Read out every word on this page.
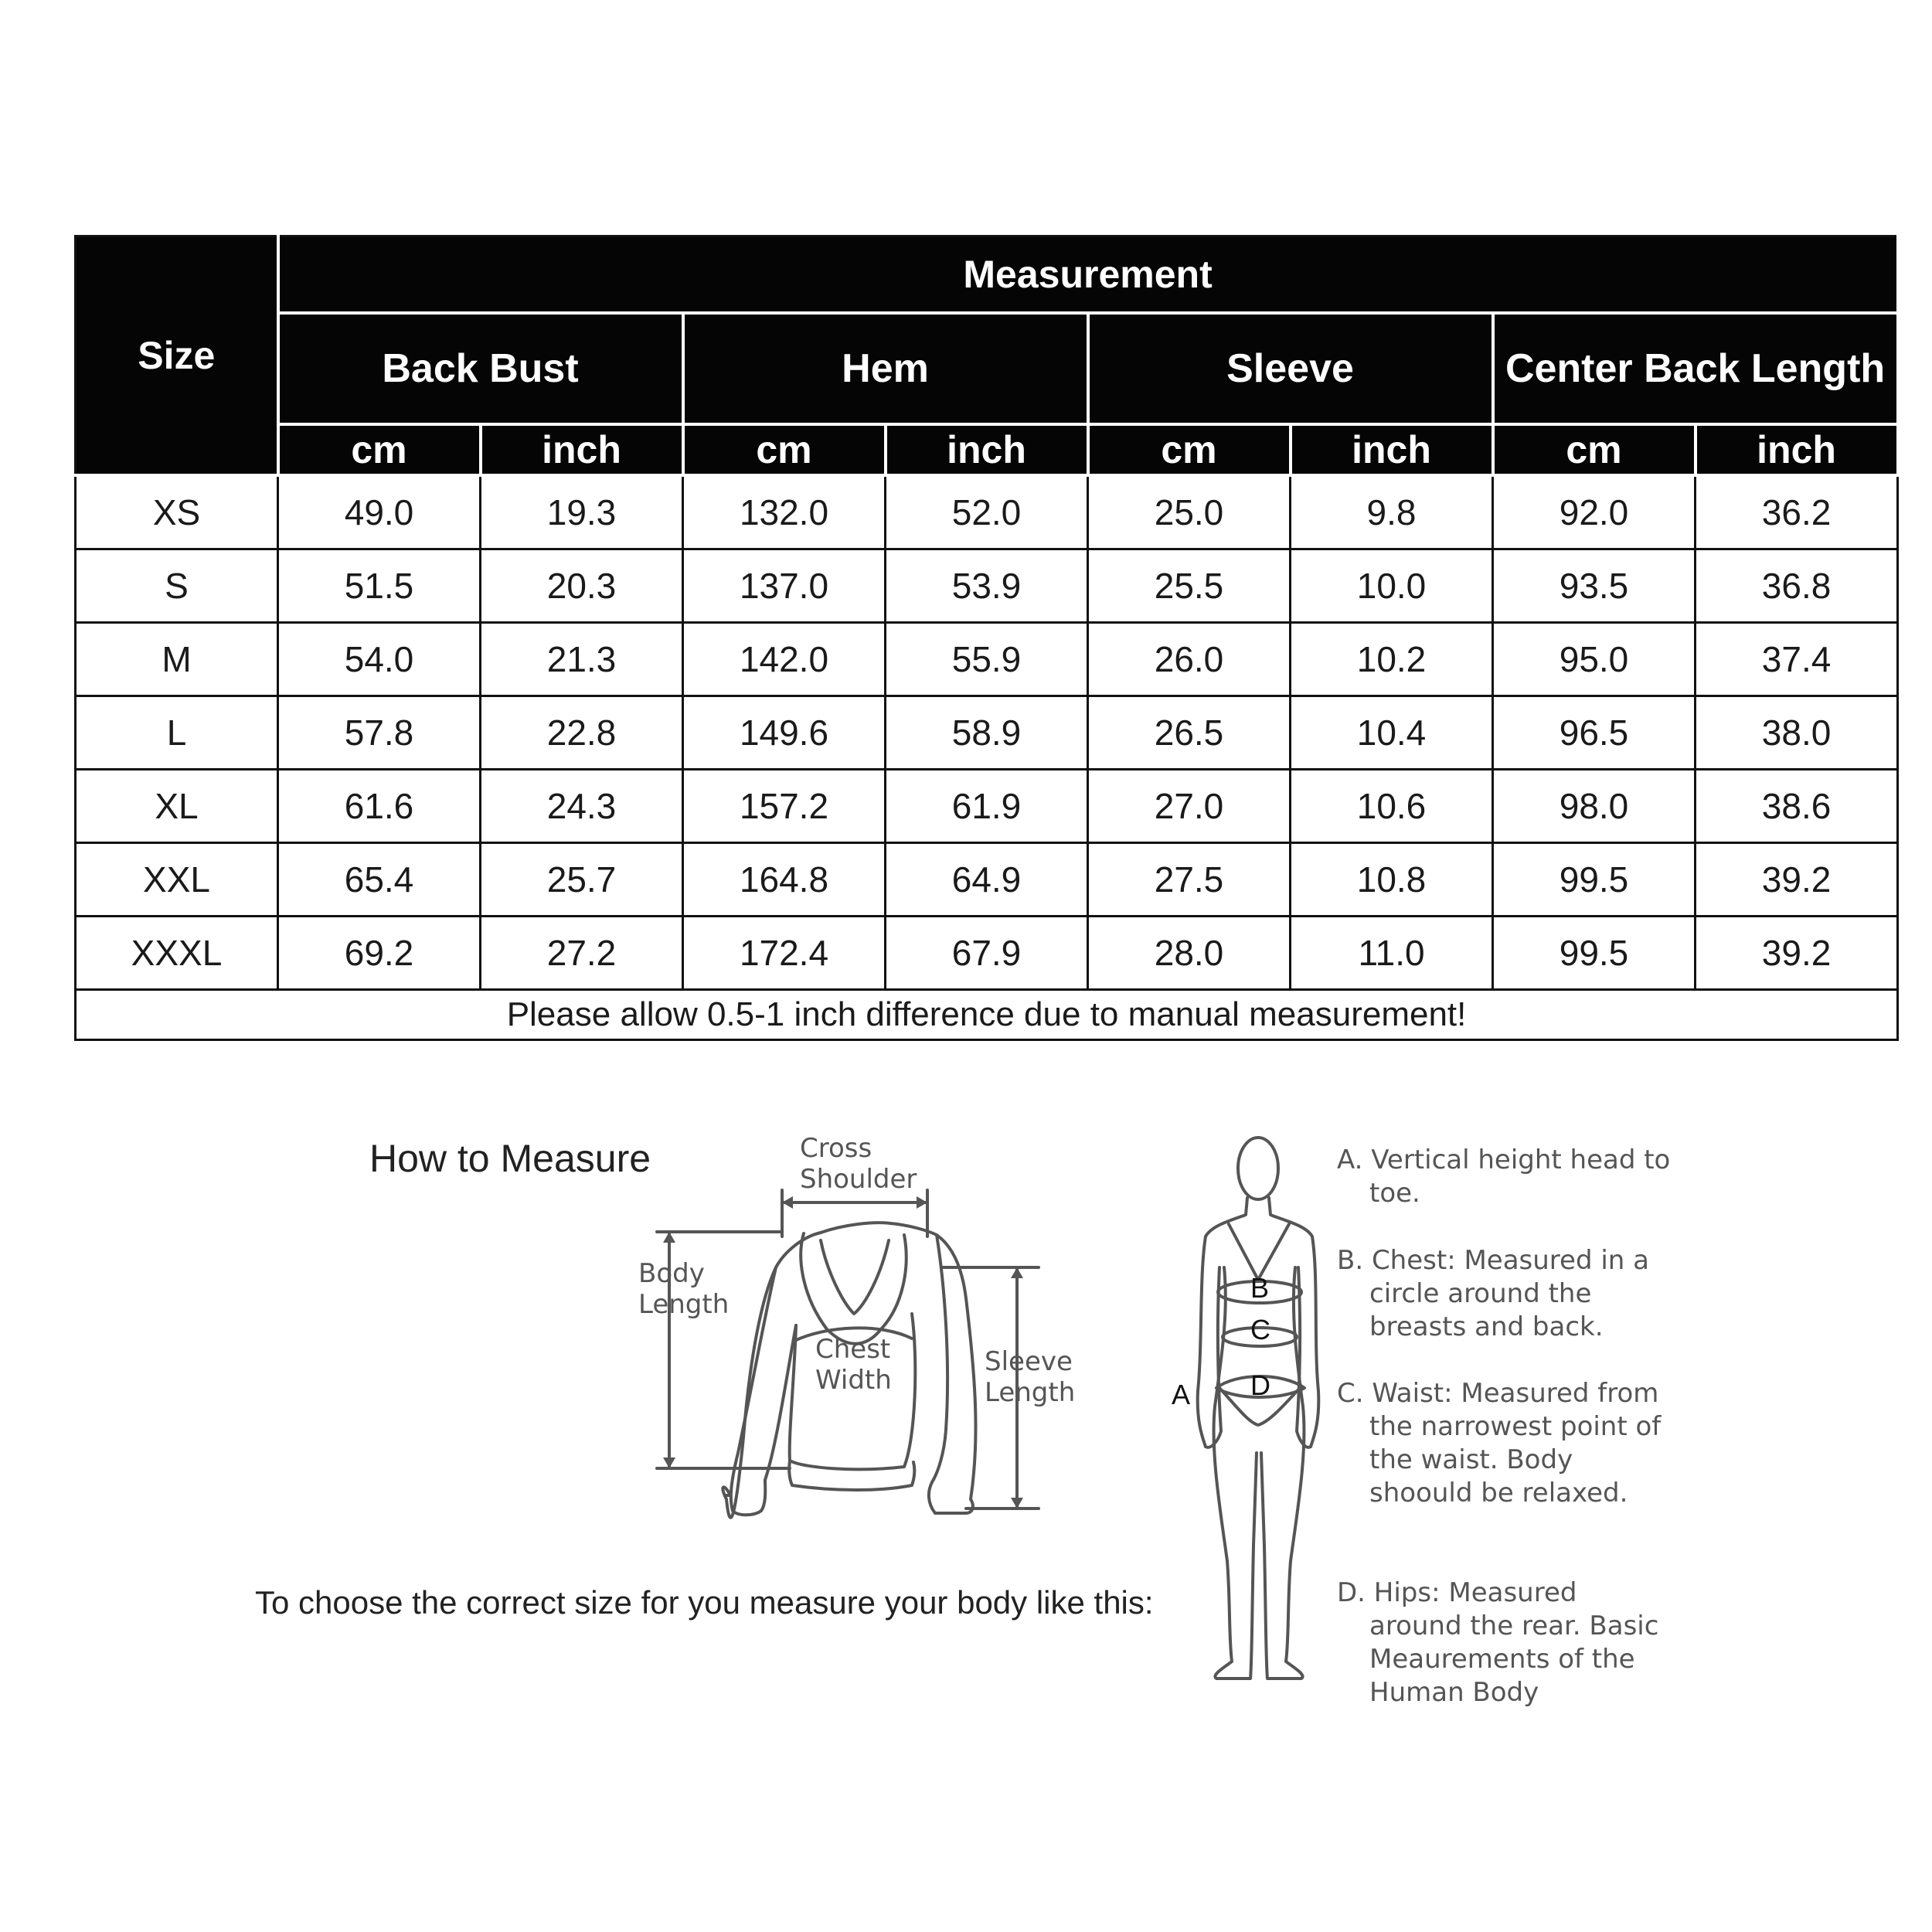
Size	Measurement							
	Back Bust		Hem		Sleeve		Center Back Length	
	cm	inch	cm	inch	cm	inch	cm	inch
XS	49.0	19.3	132.0	52.0	25.0	9.8	92.0	36.2
S	51.5	20.3	137.0	53.9	25.5	10.0	93.5	36.8
M	54.0	21.3	142.0	55.9	26.0	10.2	95.0	37.4
L	57.8	22.8	149.6	58.9	26.5	10.4	96.5	38.0
XL	61.6	24.3	157.2	61.9	27.0	10.6	98.0	38.6
XXL	65.4	25.7	164.8	64.9	27.5	10.8	99.5	39.2
XXXL	69.2	27.2	172.4	67.9	28.0	11.0	99.5	39.2
Please allow 0.5-1 inch difference due to manual measurement!								
How to Measure	Cross
Shoulder
Body
Length
Chest
Width
Sleeve
Length	A
B
C
D

A. Vertical height head to toe.

B. Chest: Measured in a circle around the breasts and back.

C. Waist: Measured from the narrowest point of the waist. Body shoould be relaxed.

D. Hips: Measured around the rear. Basic Meaurements of the Human Body

To choose the correct size for you measure your body like this:
